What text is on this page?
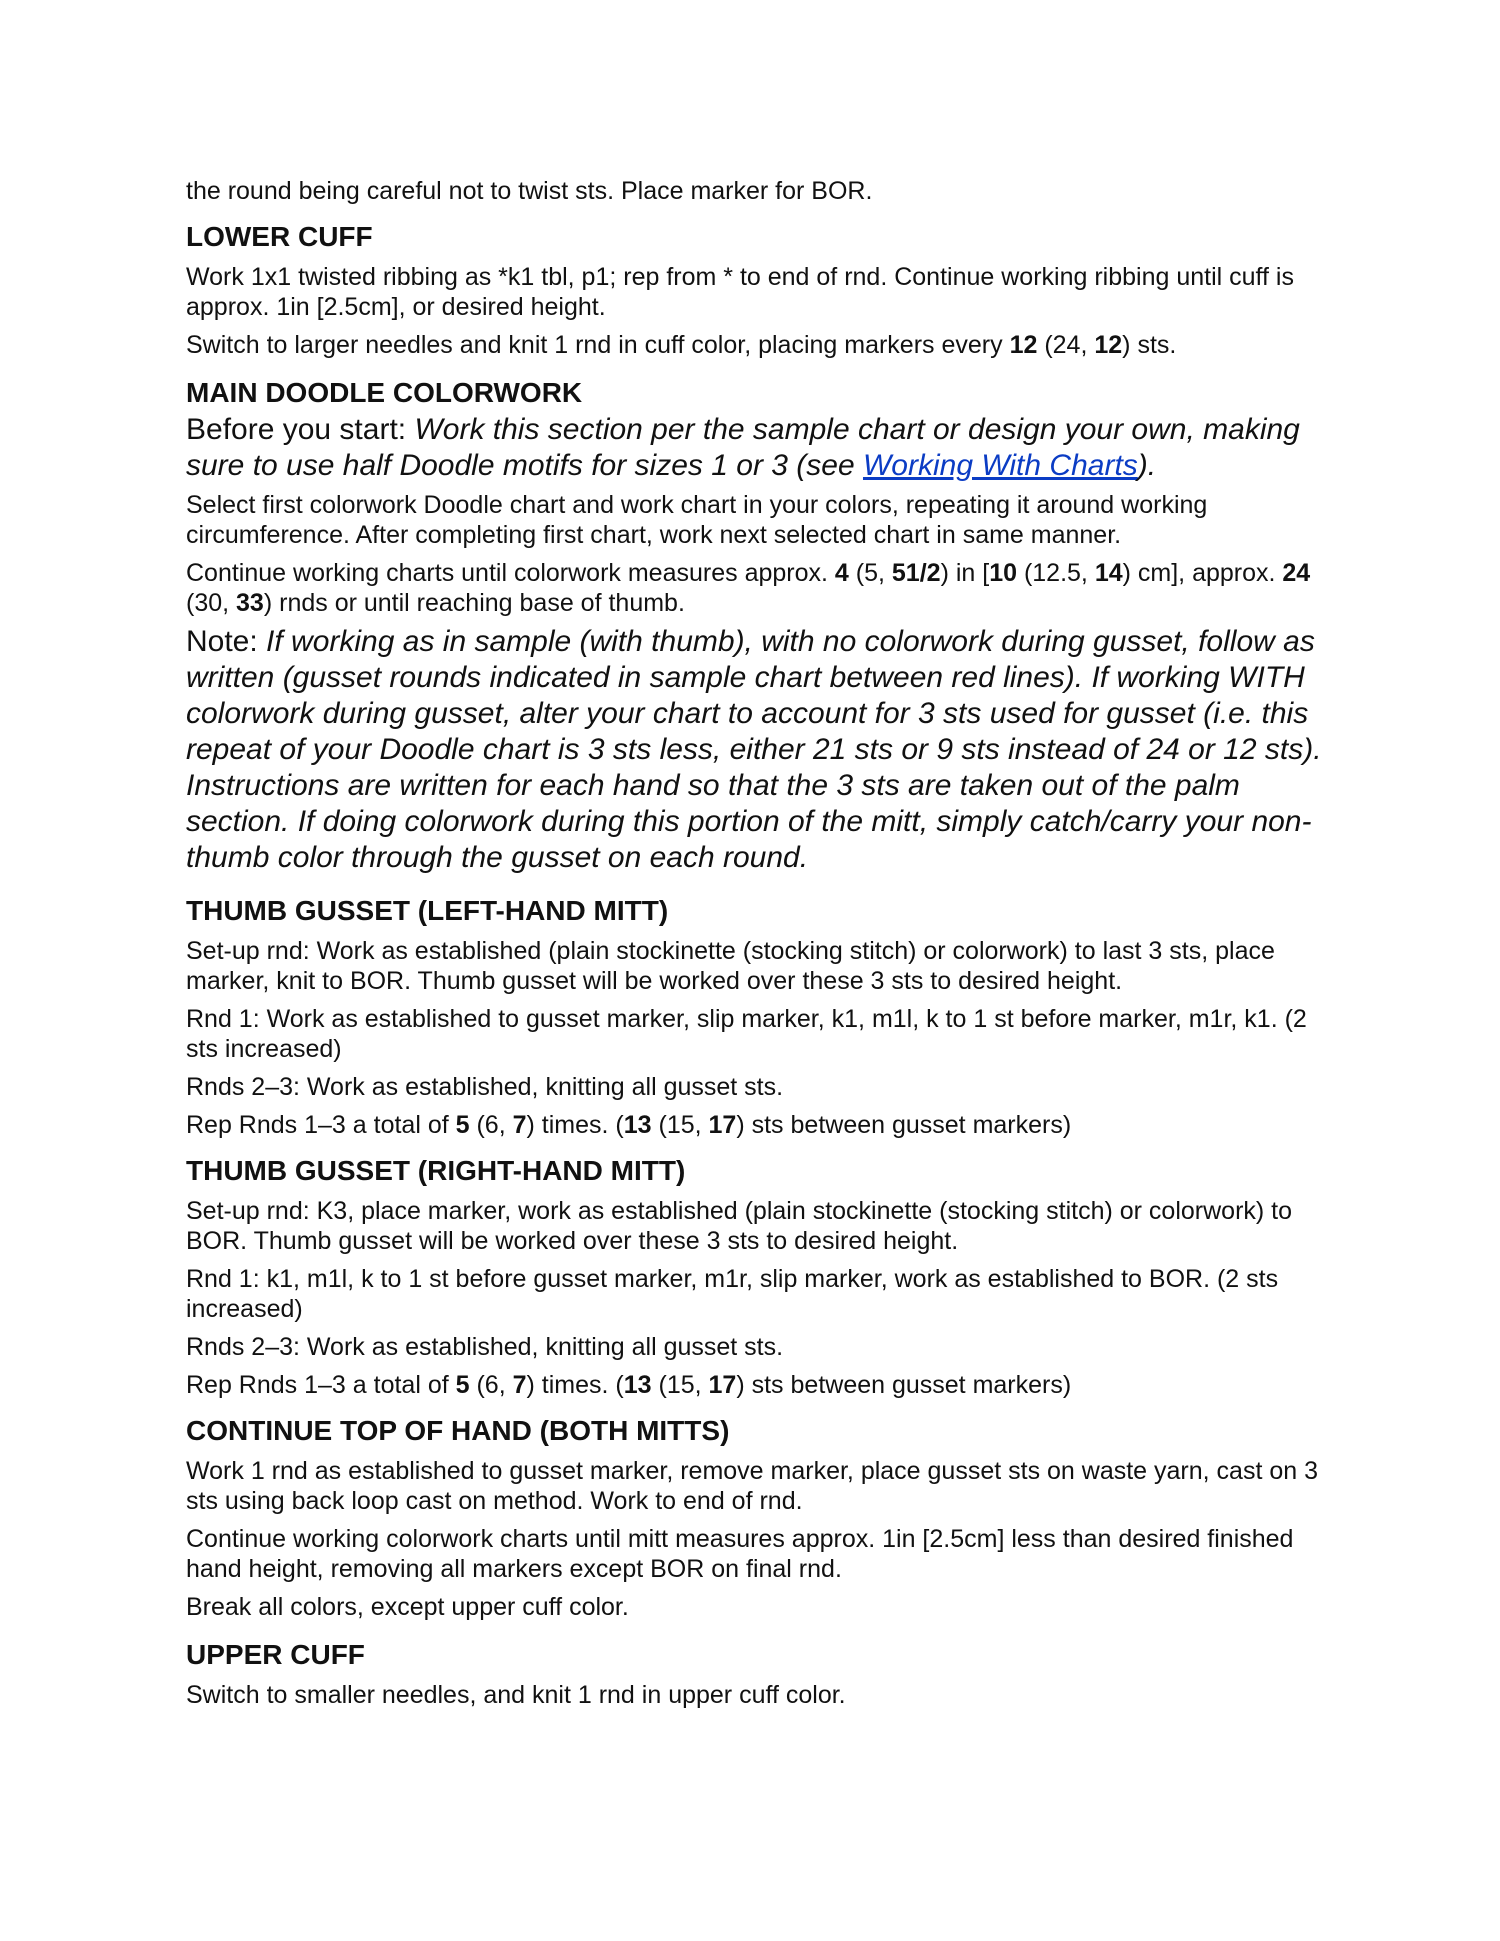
the round being careful not to twist sts. Place marker for BOR.

LOWER CUFF

Work 1x1 twisted ribbing as *k1 tbl, p1; rep from * to end of rnd. Continue working ribbing until cuff is approx. 1in [2.5cm], or desired height.

Switch to larger needles and knit 1 rnd in cuff color, placing markers every 12 (24, 12) sts.

MAIN DOODLE COLORWORK

Before you start: Work this section per the sample chart or design your own, making sure to use half Doodle motifs for sizes 1 or 3 (see Working With Charts).

Select first colorwork Doodle chart and work chart in your colors, repeating it around working circumference. After completing first chart, work next selected chart in same manner.

Continue working charts until colorwork measures approx. 4 (5, 51/2) in [10 (12.5, 14) cm], approx. 24 (30, 33) rnds or until reaching base of thumb.

Note: If working as in sample (with thumb), with no colorwork during gusset, follow as written (gusset rounds indicated in sample chart between red lines). If working WITH colorwork during gusset, alter your chart to account for 3 sts used for gusset (i.e. this repeat of your Doodle chart is 3 sts less, either 21 sts or 9 sts instead of 24 or 12 sts). Instructions are written for each hand so that the 3 sts are taken out of the palm section. If doing colorwork during this portion of the mitt, simply catch/carry your non-thumb color through the gusset on each round.

THUMB GUSSET (LEFT-HAND MITT)

Set-up rnd: Work as established (plain stockinette (stocking stitch) or colorwork) to last 3 sts, place marker, knit to BOR. Thumb gusset will be worked over these 3 sts to desired height.

Rnd 1: Work as established to gusset marker, slip marker, k1, m1l, k to 1 st before marker, m1r, k1. (2 sts increased)

Rnds 2–3: Work as established, knitting all gusset sts.

Rep Rnds 1–3 a total of 5 (6, 7) times. (13 (15, 17) sts between gusset markers)

THUMB GUSSET (RIGHT-HAND MITT)

Set-up rnd: K3, place marker, work as established (plain stockinette (stocking stitch) or colorwork) to BOR. Thumb gusset will be worked over these 3 sts to desired height.

Rnd 1: k1, m1l, k to 1 st before gusset marker, m1r, slip marker, work as established to BOR. (2 sts increased)

Rnds 2–3: Work as established, knitting all gusset sts.

Rep Rnds 1–3 a total of 5 (6, 7) times. (13 (15, 17) sts between gusset markers)

CONTINUE TOP OF HAND (BOTH MITTS)

Work 1 rnd as established to gusset marker, remove marker, place gusset sts on waste yarn, cast on 3 sts using back loop cast on method. Work to end of rnd.

Continue working colorwork charts until mitt measures approx. 1in [2.5cm] less than desired finished hand height, removing all markers except BOR on final rnd.

Break all colors, except upper cuff color.

UPPER CUFF

Switch to smaller needles, and knit 1 rnd in upper cuff color.
